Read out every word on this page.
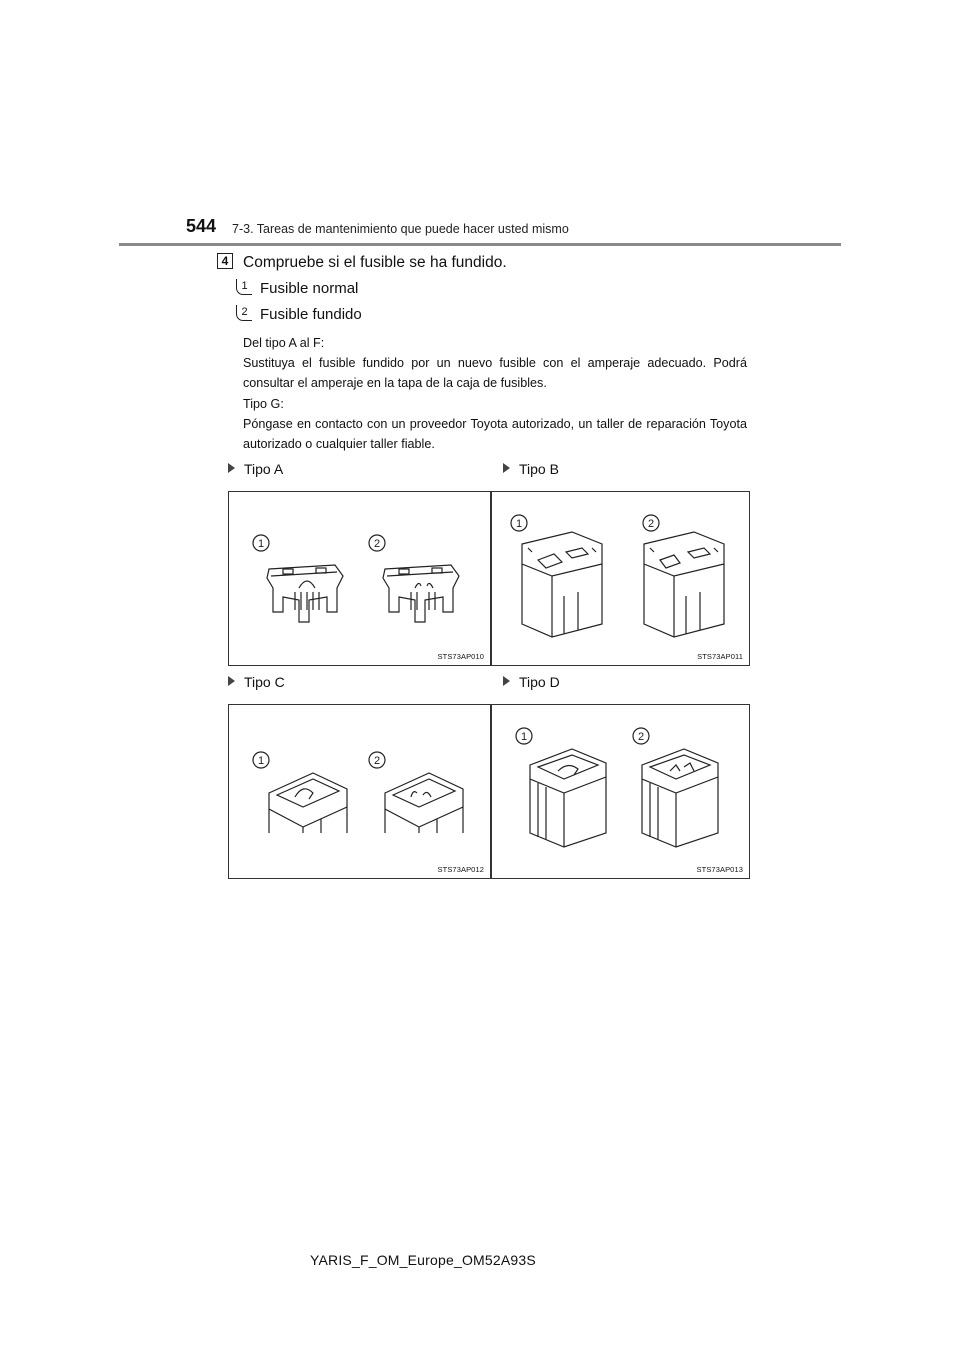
544 7-3. Tareas de mantenimiento que puede hacer usted mismo
4 Compruebe si el fusible se ha fundido.
1 Fusible normal
2 Fusible fundido
Del tipo A al F:
Sustituya el fusible fundido por un nuevo fusible con el amperaje adecuado. Podrá consultar el amperaje en la tapa de la caja de fusibles.
Tipo G:
Póngase en contacto con un proveedor Toyota autorizado, un taller de reparación Toyota autorizado o cualquier taller fiable.
Tipo A	Tipo B
Tipo C	Tipo D
1	2
STS73AP010
1	2
STS73AP011
1	2
STS73AP012
1	2
STS73AP013
YARIS_F_OM_Europe_OM52A93S
